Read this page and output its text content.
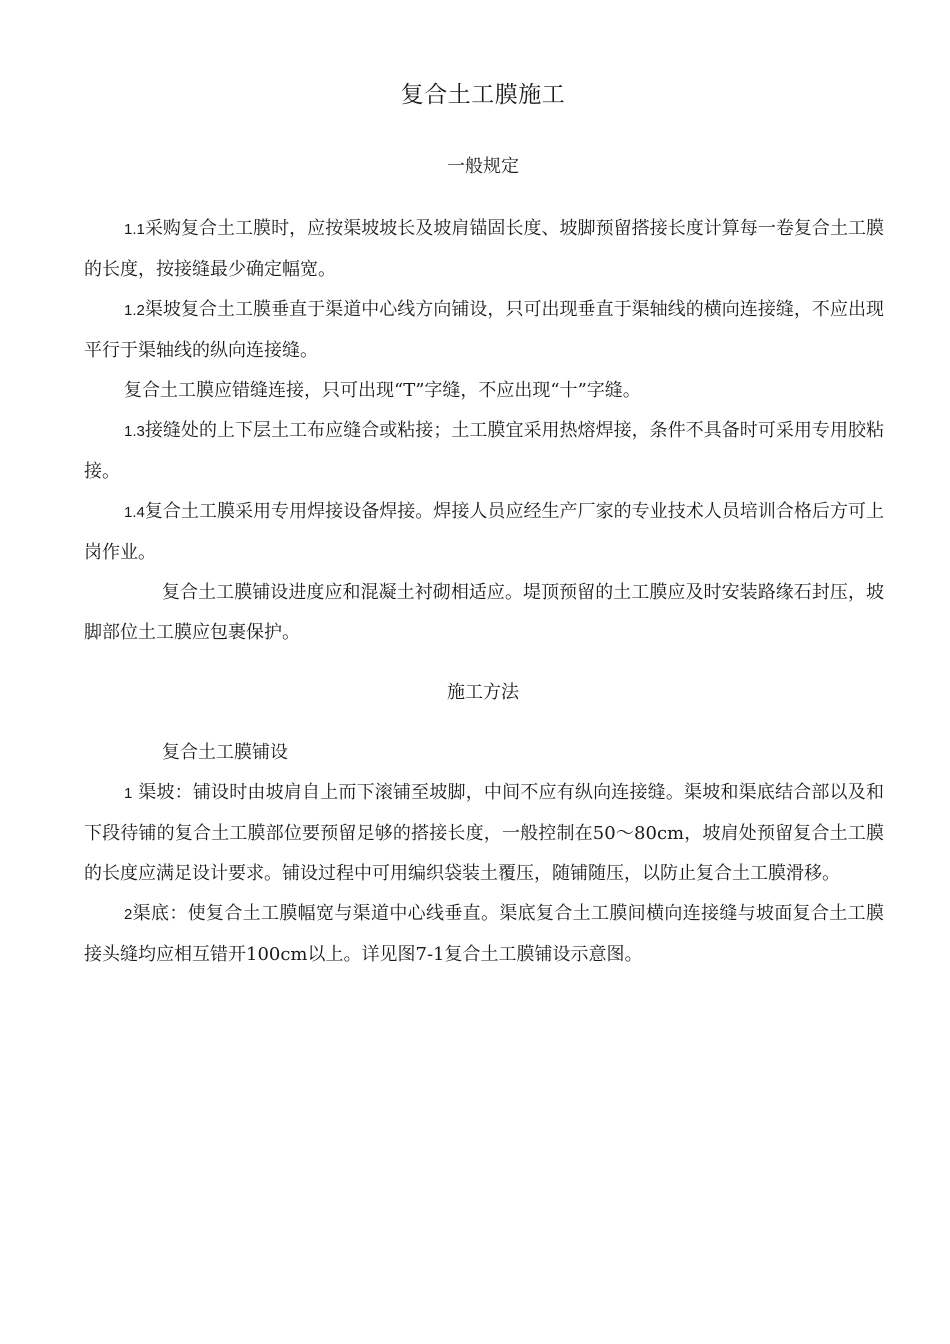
复合土工膜施工
一般规定

1.1采购复合土工膜时，应按渠坡坡长及坡肩锚固长度、坡脚预留搭接长度计算每一卷复合土工膜的长度，按接缝最少确定幅宽。

1.2渠坡复合土工膜垂直于渠道中心线方向铺设，只可出现垂直于渠轴线的横向连接缝，不应出现平行于渠轴线的纵向连接缝。

复合土工膜应错缝连接，只可出现“T”字缝，不应出现“十”字缝。

1.3接缝处的上下层土工布应缝合或粘接；土工膜宜采用热熔焊接，条件不具备时可采用专用胶粘接。

1.4复合土工膜采用专用焊接设备焊接。焊接人员应经生产厂家的专业技术人员培训合格后方可上岗作业。

复合土工膜铺设进度应和混凝土衬砌相适应。堤顶预留的土工膜应及时安装路缘石封压，坡脚部位土工膜应包裹保护。

施工方法

复合土工膜铺设

1 渠坡：铺设时由坡肩自上而下滚铺至坡脚，中间不应有纵向连接缝。渠坡和渠底结合部以及和下段待铺的复合土工膜部位要预留足够的搭接长度，一般控制在50～80cm，坡肩处预留复合土工膜的长度应满足设计要求。铺设过程中可用编织袋装土覆压，随铺随压，以防止复合土工膜滑移。

2渠底：使复合土工膜幅宽与渠道中心线垂直。渠底复合土工膜间横向连接缝与坡面复合土工膜接头缝均应相互错开100cm以上。详见图7-1复合土工膜铺设示意图。
